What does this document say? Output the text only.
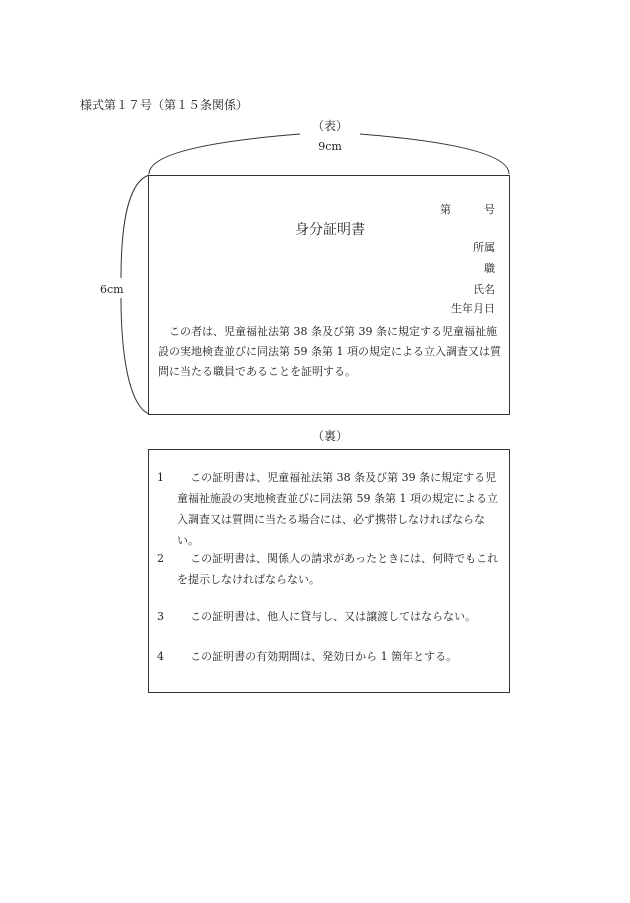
様式第１７号（第１５条関係）
（表）
9cm
6cm
第　　　号
身分証明書
所属
職
氏名
生年月日
この者は、児童福祉法第 38 条及び第 39 条に規定する児童福祉施設の実地検査並びに同法第 59 条第 1 項の規定による立入調査又は質問に当たる職員であることを証明する。
（裏）
1	この証明書は、児童福祉法第 38 条及び第 39 条に規定する児童福祉施設の実地検査並びに同法第 59 条第 1 項の規定による立入調査又は質問に当たる場合には、必ず携帯しなければならない。
2	この証明書は、関係人の請求があったときには、何時でもこれを提示しなければならない。
3	この証明書は、他人に貸与し、又は譲渡してはならない。
4	この証明書の有効期間は、発効日から 1 箇年とする。
